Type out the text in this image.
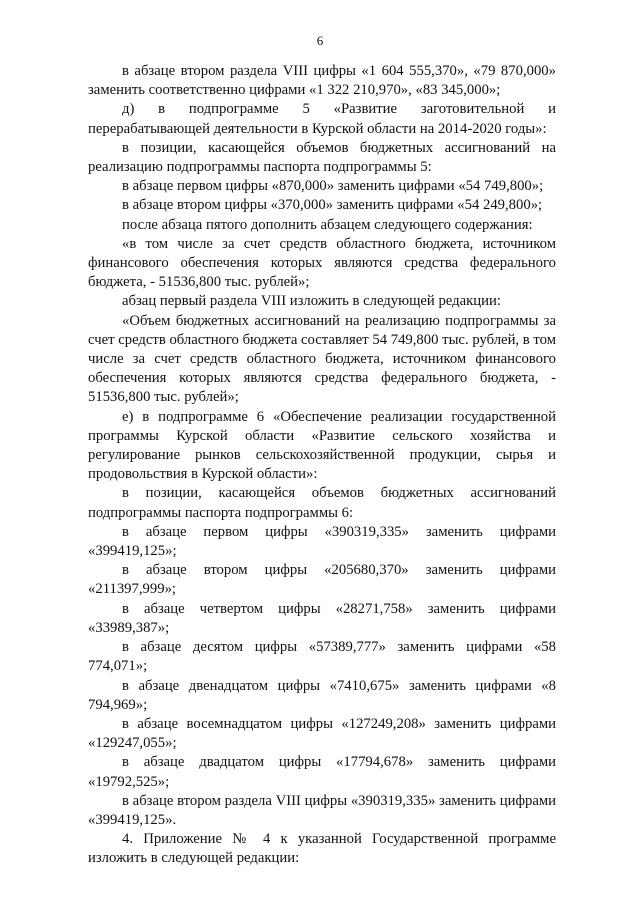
6

в абзаце втором раздела VIII цифры «1 604 555,370», «79 870,000» заменить соответственно цифрами «1 322 210,970», «83 345,000»;

д) в подпрограмме 5 «Развитие заготовительной и перерабатывающей деятельности в Курской области на 2014-2020 годы»:

в позиции, касающейся объемов бюджетных ассигнований на реализацию подпрограммы паспорта подпрограммы 5:

в абзаце первом цифры «870,000» заменить цифрами «54 749,800»;

в абзаце втором цифры «370,000» заменить цифрами «54 249,800»;

после абзаца пятого дополнить абзацем следующего содержания:

«в том числе за счет средств областного бюджета, источником финансового обеспечения которых являются средства федерального бюджета, - 51536,800 тыс. рублей»;

абзац первый раздела VIII изложить в следующей редакции:

«Объем бюджетных ассигнований на реализацию подпрограммы за счет средств областного бюджета составляет 54 749,800 тыс. рублей, в том числе за счет средств областного бюджета, источником финансового обеспечения которых являются средства федерального бюджета, - 51536,800 тыс. рублей»;

е) в подпрограмме 6 «Обеспечение реализации государственной программы Курской области «Развитие сельского хозяйства и регулирование рынков сельскохозяйственной продукции, сырья и продовольствия в Курской области»:

в позиции, касающейся объемов бюджетных ассигнований подпрограммы паспорта подпрограммы 6:

в абзаце первом цифры «390319,335» заменить цифрами «399419,125»;

в абзаце втором цифры «205680,370» заменить цифрами «211397,999»;

в абзаце четвертом цифры «28271,758» заменить цифрами «33989,387»;

в абзаце десятом цифры «57389,777» заменить цифрами «58 774,071»;

в абзаце двенадцатом цифры «7410,675» заменить цифрами «8 794,969»;

в абзаце восемнадцатом цифры «127249,208» заменить цифрами «129247,055»;

в абзаце двадцатом цифры «17794,678» заменить цифрами «19792,525»;

в абзаце втором раздела VIII цифры «390319,335» заменить цифрами «399419,125».

4. Приложение № 4 к указанной Государственной программе изложить в следующей редакции:
